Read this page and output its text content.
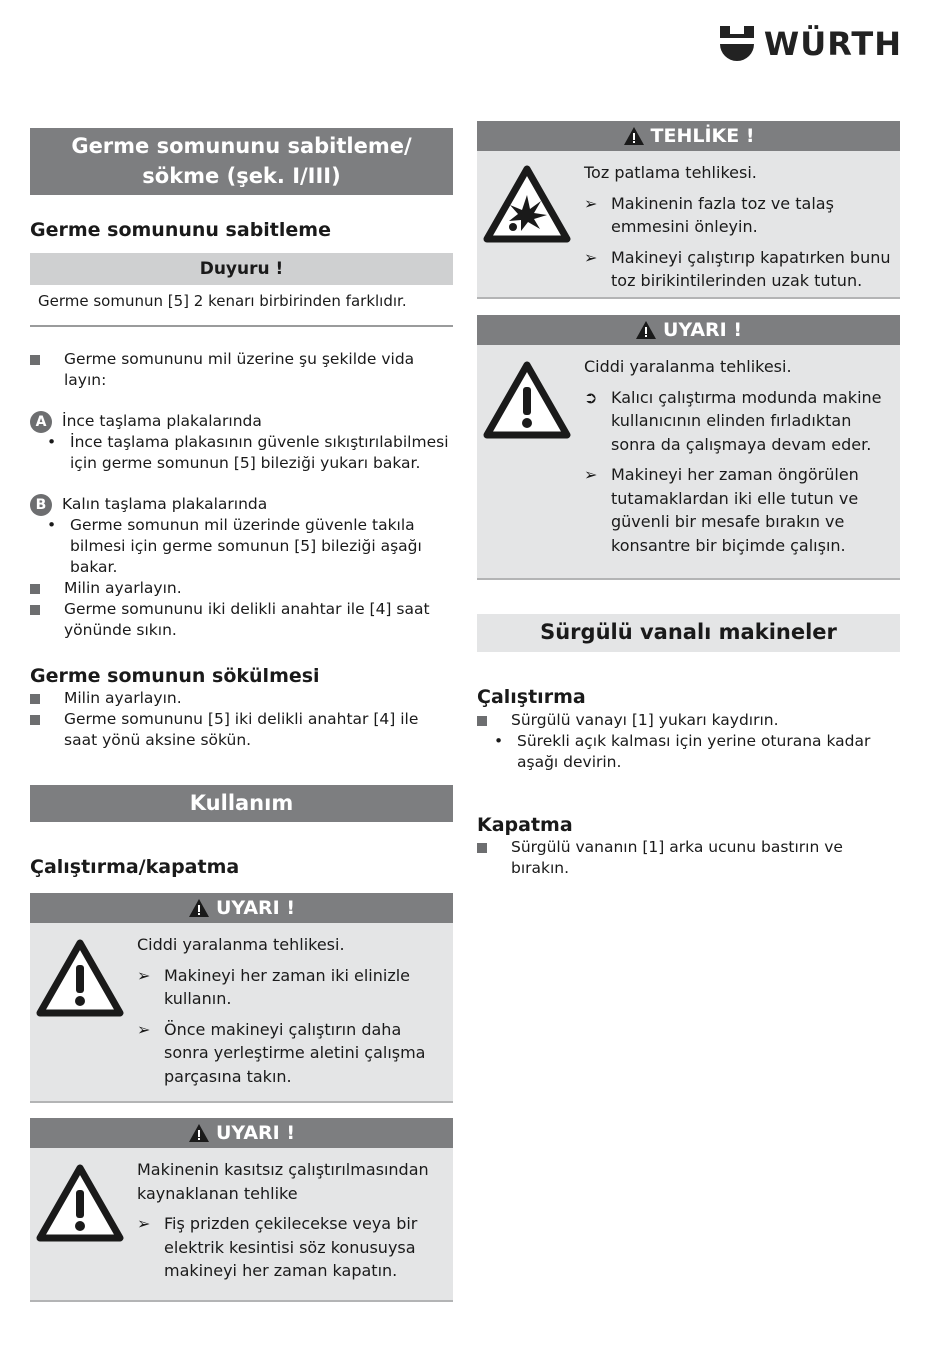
WÜRTH
Germe somununu sabitleme/ sökme (şek. I/III)
Germe somununu sabitleme
Duyuru !
Germe somunun [5] 2 kenarı birbirinden farklıdır.
Germe somununu mil üzerine şu şekilde vida layın:
A	İnce taşlama plakalarında
• İnce taşlama plakasının güvenle sıkıştırılabilmesi için germe somunun [5] bileziği yukarı bakar.
B	Kalın taşlama plakalarında
• Germe somunun mil üzerinde güvenle takıla bilmesi için germe somunun [5] bileziği aşağı bakar.
Milin ayarlayın.
Germe somununu iki delikli anahtar ile [4] saat yönünde sıkın.
Germe somunun sökülmesi
Milin ayarlayın.
Germe somununu [5] iki delikli anahtar [4] ile saat yönü aksine sökün.
Kullanım
Çalıştırma/kapatma
UYARI !
Ciddi yaralanma tehlikesi.
➢ Makineyi her zaman iki elinizle kullanın.
➢ Önce makineyi çalıştırın daha sonra yerleştirme aletini çalışma parçasına takın.
UYARI !
Makinenin kasıtsız çalıştırılmasından kaynaklanan tehlike
➢ Fiş prizden çekilecekse veya bir elektrik kesintisi söz konusuysa makineyi her zaman kapatın.
TEHLİKE !
Toz patlama tehlikesi.
➢ Makinenin fazla toz ve talaş emmesini önleyin.
➢ Makineyi çalıştırıp kapatırken bunu toz birikintilerinden uzak tutun.
UYARI !
Ciddi yaralanma tehlikesi.
➲ Kalıcı çalıştırma modunda makine kullanıcının elinden fırladıktan sonra da çalışmaya devam eder.
➢ Makineyi her zaman öngörülen tutamaklardan iki elle tutun ve güvenli bir mesafe bırakın ve konsantre bir biçimde çalışın.
Sürgülü vanalı makineler
Çalıştırma
Sürgülü vanayı [1] yukarı kaydırın.
• Sürekli açık kalması için yerine oturana kadar aşağı devirin.
Kapatma
Sürgülü vananın [1] arka ucunu bastırın ve bırakın.
